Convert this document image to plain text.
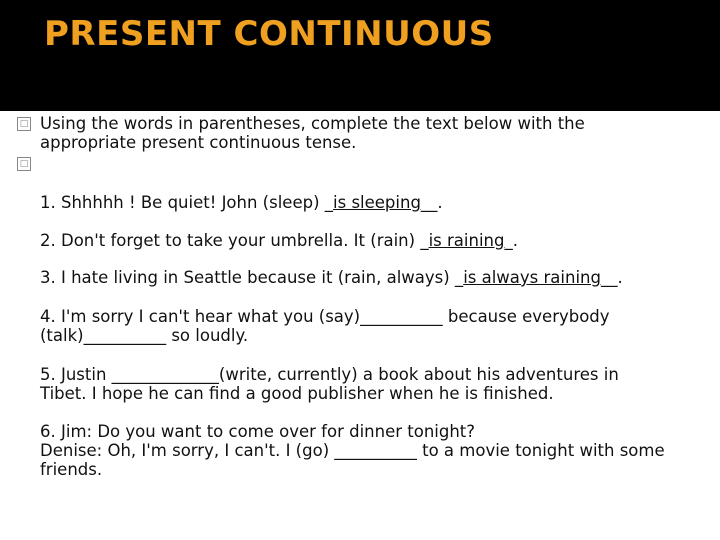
PRESENT CONTINUOUS
□
□
Using the words in parentheses, complete the text below with the appropriate present continuous tense.
1. Shhhhh ! Be quiet! John (sleep) _is sleeping__.
2. Don't forget to take your umbrella. It (rain) _is raining_.
3. I hate living in Seattle because it (rain, always) _is always raining__.
4. I'm sorry I can't hear what you (say)__________ because everybody
(talk)__________ so loudly.
5. Justin _____________(write, currently) a book about his adventures in
Tibet. I hope he can find a good publisher when he is finished.
6. Jim: Do you want to come over for dinner tonight?
Denise: Oh, I'm sorry, I can't. I (go) __________ to a movie tonight with some
friends.
